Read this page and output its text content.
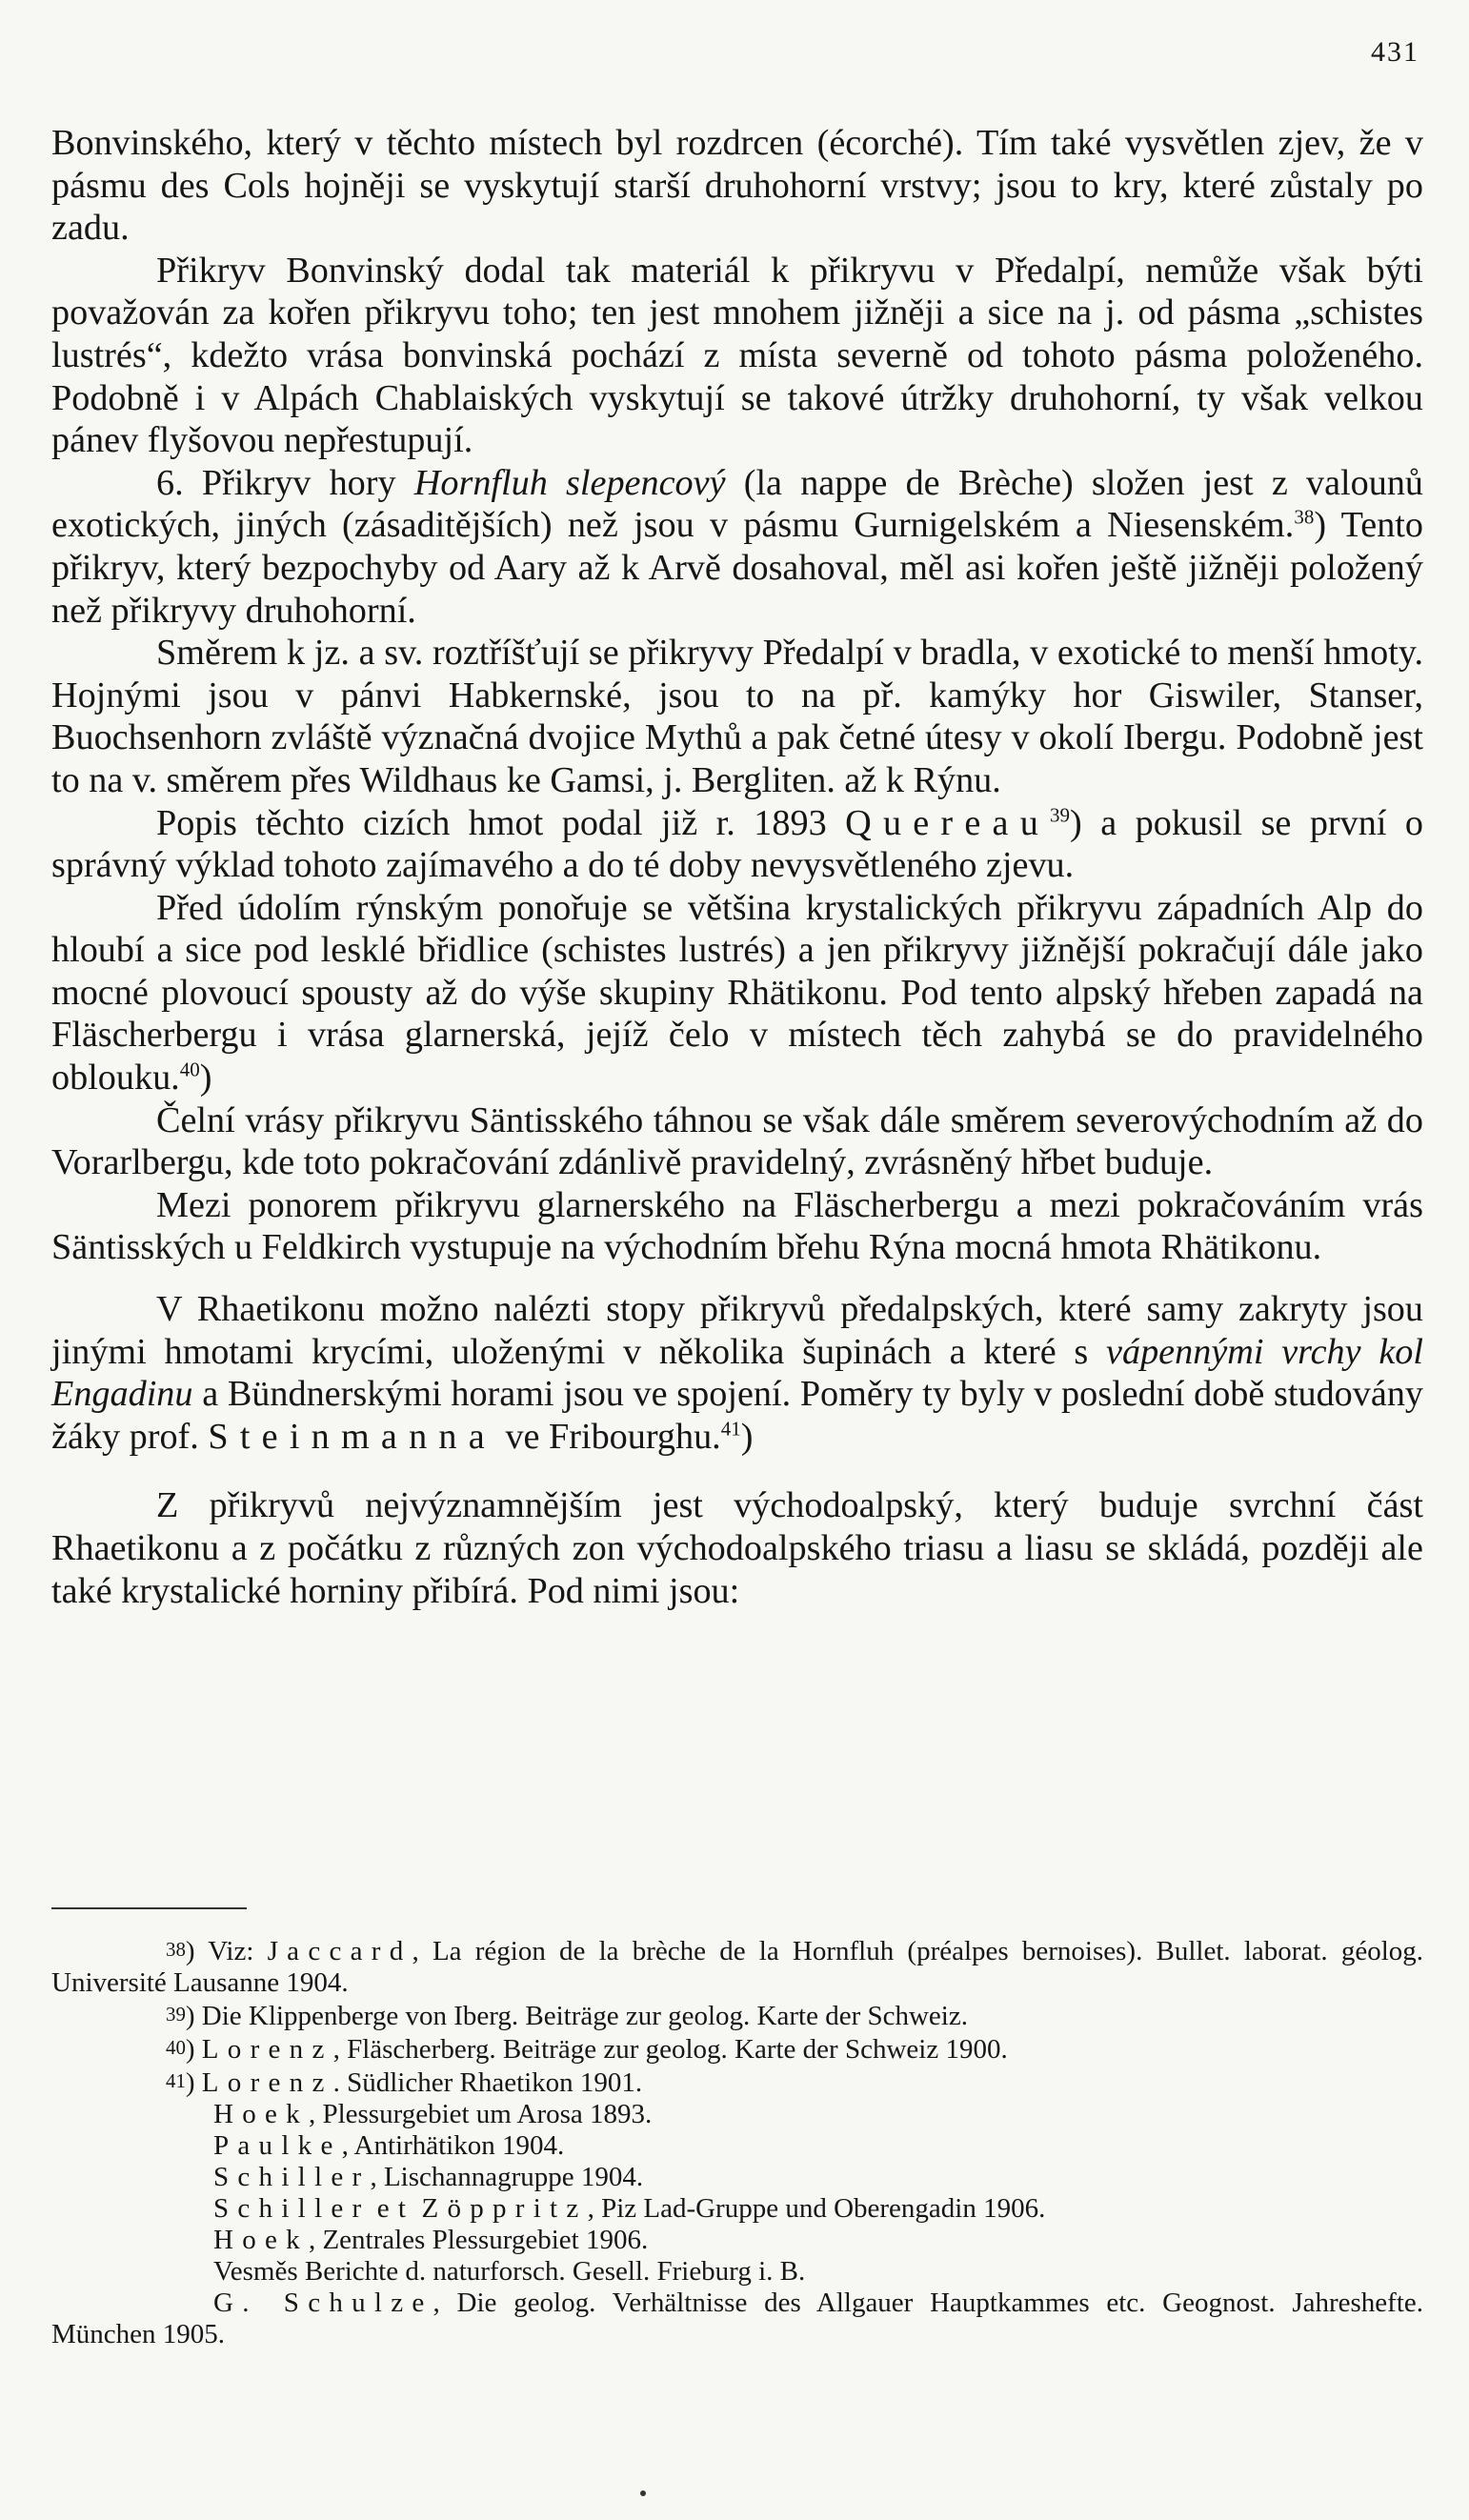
431

Bonvinského, který v těchto místech byl rozdrcen (écorché). Tím také vysvětlen zjev, že v pásmu des Cols hojněji se vyskytují starší druhohorní vrstvy; jsou to kry, které zůstaly po zadu.

Přikryv Bonvinský dodal tak materiál k přikryvu v Předalpí, nemůže však býti považován za kořen přikryvu toho; ten jest mnohem jižněji a sice na j. od pásma „schistes lustrés“, kdežto vrása bonvinská pochází z místa severně od tohoto pásma položeného. Podobně i v Alpách Chablaiských vyskytují se takové útržky druhohorní, ty však velkou pánev flyšovou nepřestupují.

6. Přikryv hory Hornfluh slepencový (la nappe de Brèche) složen jest z valounů exotických, jiných (zásaditějších) než jsou v pásmu Gurnigelském a Niesenském.$^{38}$) Tento přikryv, který bezpochyby od Aary až k Arvě dosahoval, měl asi kořen ještě jižněji položený než přikryvy druhohorní.

Směrem k jz. a sv. roztříšťují se přikryvy Předalpí v bradla, v exotické to menší hmoty. Hojnými jsou v pánvi Habkernské, jsou to na př. kamýky hor Giswiler, Stanser, Buochsenhorn zvláště význačná dvojice Mythů a pak četné útesy v okolí Ibergu. Podobně jest to na v. směrem přes Wildhaus ke Gamsi, j. Bergliten. až k Rýnu.

Popis těchto cizích hmot podal již r. 1893 Quereau$^{39}$) a pokusil se první o správný výklad tohoto zajímavého a do té doby nevysvětleného zjevu.

Před údolím rýnským ponořuje se většina krystalických přikryvu západních Alp do hloubí a sice pod lesklé břidlice (schistes lustrés) a jen přikryvy jižnější pokračují dále jako mocné plovoucí spousty až do výše skupiny Rhätikonu. Pod tento alpský hřeben zapadá na Fläscherbergu i vrása glarnerská, jejíž čelo v místech těch zahybá se do pravidelného oblouku.$^{40}$)

Čelní vrásy přikryvu Säntisského táhnou se však dále směrem severovýchodním až do Vorarlbergu, kde toto pokračování zdánlivě pravidelný, zvrásněný hřbet buduje.

Mezi ponorem přikryvu glarnerského na Fläscherbergu a mezi pokračováním vrás Säntisských u Feldkirch vystupuje na východním břehu Rýna mocná hmota Rhätikonu.

V Rhaetikonu možno nalézti stopy přikryvů předalpských, které samy zakryty jsou jinými hmotami krycími, uloženými v několika šupinách a které s vápennými vrchy kol Engadinu a Bündnerskými horami jsou ve spojení. Poměry ty byly v poslední době studovány žáky prof. Steinmanna ve Fribourghu.$^{41}$)

Z přikryvů nejvýznamnějším jest východoalpský, který buduje svrchní část Rhaetikonu a z počátku z různých zon východoalpského triasu a liasu se skládá, později ale také krystalické horniny přibírá. Pod nimi jsou:

38) Viz: Jaccard, La région de la brèche de la Hornfluh (préalpes bernoises). Bullet. laborat. géolog. Université Lausanne 1904.

39) Die Klippenberge von Iberg. Beiträge zur geolog. Karte der Schweiz.

40) Lorenz, Fläscherberg. Beiträge zur geolog. Karte der Schweiz 1900.

41) Lorenz. Südlicher Rhaetikon 1901.

Hoek, Plessurgebiet um Arosa 1893.

Paulke, Antirhätikon 1904.

Schiller, Lischannagruppe 1904.

Schiller et Zöppritz, Piz Lad-Gruppe und Oberengadin 1906.

Hoek, Zentrales Plessurgebiet 1906.

Vesměs Berichte d. naturforsch. Gesell. Frieburg i. B.

G. Schulze, Die geolog. Verhältnisse des Allgauer Hauptkammes etc. Geognost. Jahreshefte. München 1905.
